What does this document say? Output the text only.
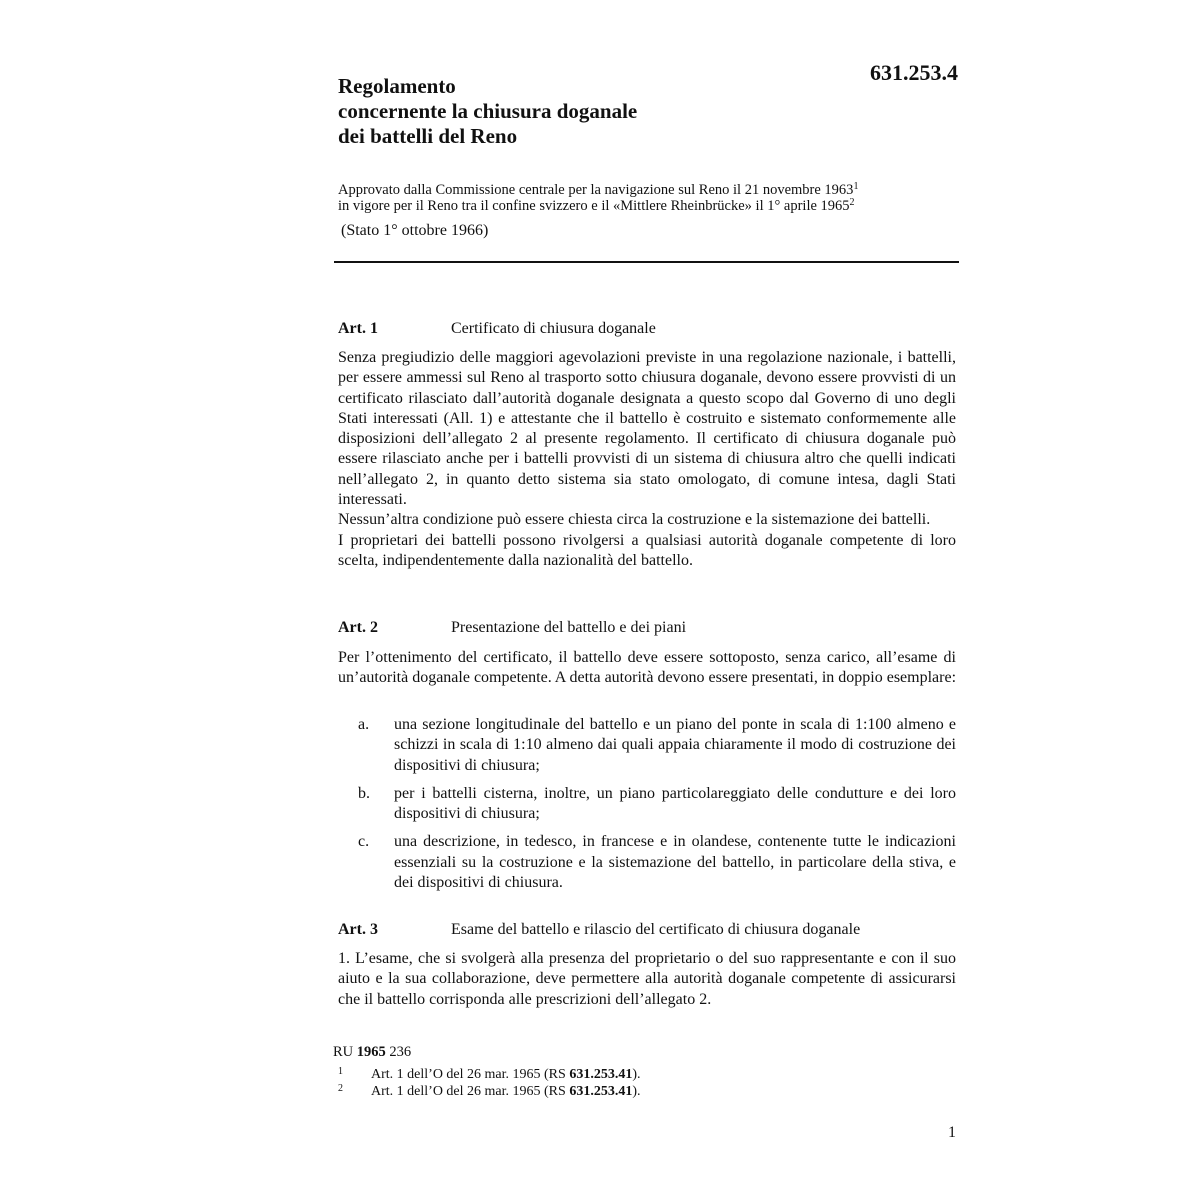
631.253.4
Regolamento
concernente la chiusura doganale
dei battelli del Reno
Approvato dalla Commissione centrale per la navigazione sul Reno il 21 novembre 1963$^1$
in vigore per il Reno tra il confine svizzero e il «Mittlere Rheinbrücke» il 1° aprile 1965$^2$
(Stato 1° ottobre 1966)
Art. 1	Certificato di chiusura doganale

Senza pregiudizio delle maggiori agevolazioni previste in una regolazione nazionale, i battelli, per essere ammessi sul Reno al trasporto sotto chiusura doganale, devono essere provvisti di un certificato rilasciato dall’autorità doganale designata a questo scopo dal Governo di uno degli Stati interessati (All. 1) e attestante che il battello è costruito e sistemato conformemente alle disposizioni dell’allegato 2 al presente regolamento. Il certificato di chiusura doganale può essere rilasciato anche per i battelli provvisti di un sistema di chiusura altro che quelli indicati nell’allegato 2, in quanto detto sistema sia stato omologato, di comune intesa, dagli Stati interessati.

Nessun’altra condizione può essere chiesta circa la costruzione e la sistemazione dei battelli.

I proprietari dei battelli possono rivolgersi a qualsiasi autorità doganale competente di loro scelta, indipendentemente dalla nazionalità del battello.

Art. 2	Presentazione del battello e dei piani

Per l’ottenimento del certificato, il battello deve essere sottoposto, senza carico, all’esame di un’autorità doganale competente. A detta autorità devono essere presentati, in doppio esemplare:

a. una sezione longitudinale del battello e un piano del ponte in scala di 1:100 almeno e schizzi in scala di 1:10 almeno dai quali appaia chiaramente il modo di costruzione dei dispositivi di chiusura;
b. per i battelli cisterna, inoltre, un piano particolareggiato delle condutture e dei loro dispositivi di chiusura;
c. una descrizione, in tedesco, in francese e in olandese, contenente tutte le indicazioni essenziali su la costruzione e la sistemazione del battello, in particolare della stiva, e dei dispositivi di chiusura.
Art. 3	Esame del battello e rilascio del certificato di chiusura doganale

1. L’esame, che si svolgerà alla presenza del proprietario o del suo rappresentante e con il suo aiuto e la sua collaborazione, deve permettere alla autorità doganale competente di assicurarsi che il battello corrisponda alle prescrizioni dell’allegato 2.

RU 1965 236
1 Art. 1 dell’O del 26 mar. 1965 (RS 631.253.41).
2 Art. 1 dell’O del 26 mar. 1965 (RS 631.253.41).
1
